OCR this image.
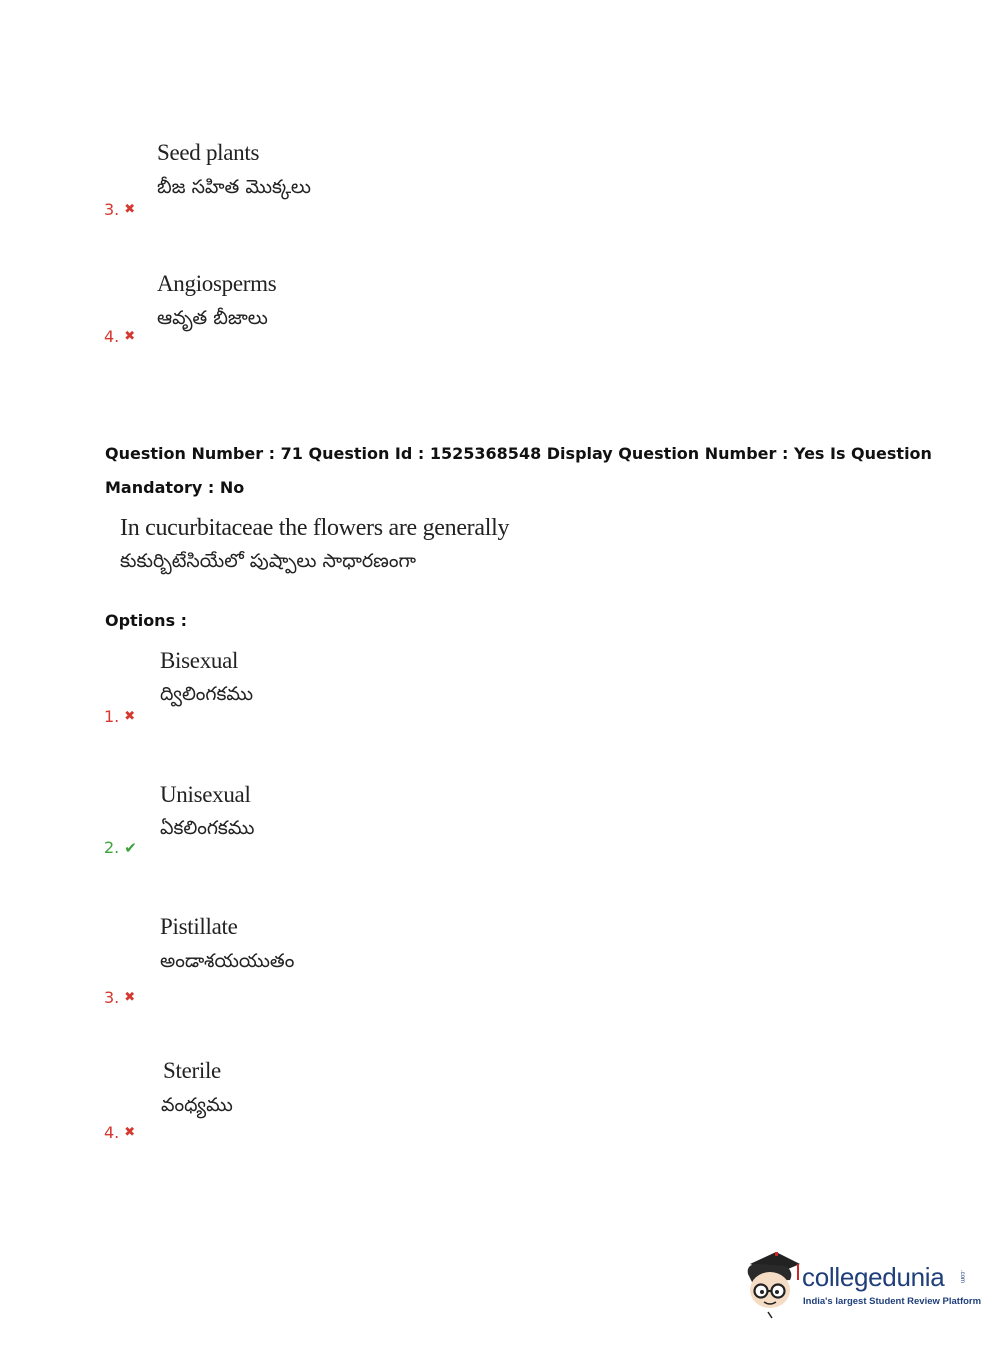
Seed plants
బీజ సహిత మొక్కలు
3. ✖
Angiosperms
ఆవృత బీజాలు
4. ✖
Question Number : 71 Question Id : 1525368548 Display Question Number : Yes Is Question
Mandatory : No
In cucurbitaceae the flowers are generally
కుకుర్బిటేసియేలో పుష్పాలు సాధారణంగా
Options :
Bisexual
ద్విలింగకము
1. ✖
Unisexual
ఏకలింగకము
2. ✔
Pistillate
అండాశయయుతం
3. ✖
Sterile
వంధ్యము
4. ✖
collegedunia .com
India's largest Student Review Platform
